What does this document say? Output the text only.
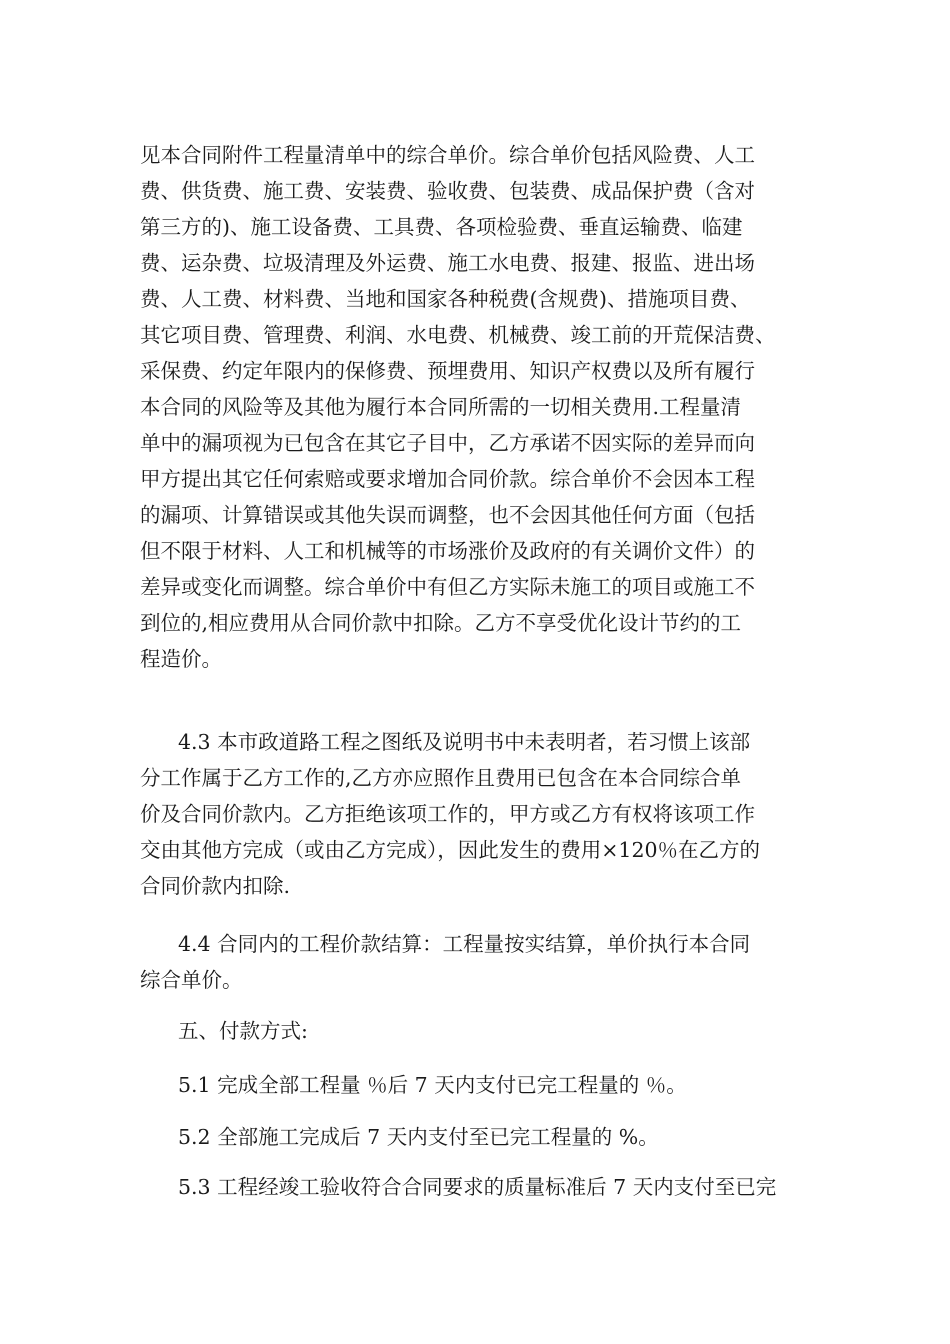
见本合同附件工程量清单中的综合单价。综合单价包括风险费、人工
费、供货费、施工费、安装费、验收费、包装费、成品保护费（含对
第三方的)、施工设备费、工具费、各项检验费、垂直运输费、临建
费、运杂费、垃圾清理及外运费、施工水电费、报建、报监、进出场
费、人工费、材料费、当地和国家各种税费(含规费)、措施项目费、
其它项目费、管理费、利润、水电费、机械费、竣工前的开荒保洁费、
采保费、约定年限内的保修费、预埋费用、知识产权费以及所有履行
本合同的风险等及其他为履行本合同所需的一切相关费用.工程量清
单中的漏项视为已包含在其它子目中，乙方承诺不因实际的差异而向
甲方提出其它任何索赔或要求增加合同价款。综合单价不会因本工程
的漏项、计算错误或其他失误而调整，也不会因其他任何方面（包括
但不限于材料、人工和机械等的市场涨价及政府的有关调价文件）的
差异或变化而调整。综合单价中有但乙方实际未施工的项目或施工不
到位的,相应费用从合同价款中扣除。乙方不享受优化设计节约的工
程造价。
4.3 本市政道路工程之图纸及说明书中未表明者，若习惯上该部
分工作属于乙方工作的,乙方亦应照作且费用已包含在本合同综合单
价及合同价款内。乙方拒绝该项工作的，甲方或乙方有权将该项工作
交由其他方完成（或由乙方完成），因此发生的费用×120％在乙方的
合同价款内扣除.
4.4 合同内的工程价款结算：工程量按实结算，单价执行本合同
综合单价。
五、付款方式:
5.1 完成全部工程量 ％后 7 天内支付已完工程量的 ％。
5.2 全部施工完成后 7 天内支付至已完工程量的 %。
5.3 工程经竣工验收符合合同要求的质量标准后 7 天内支付至已完
